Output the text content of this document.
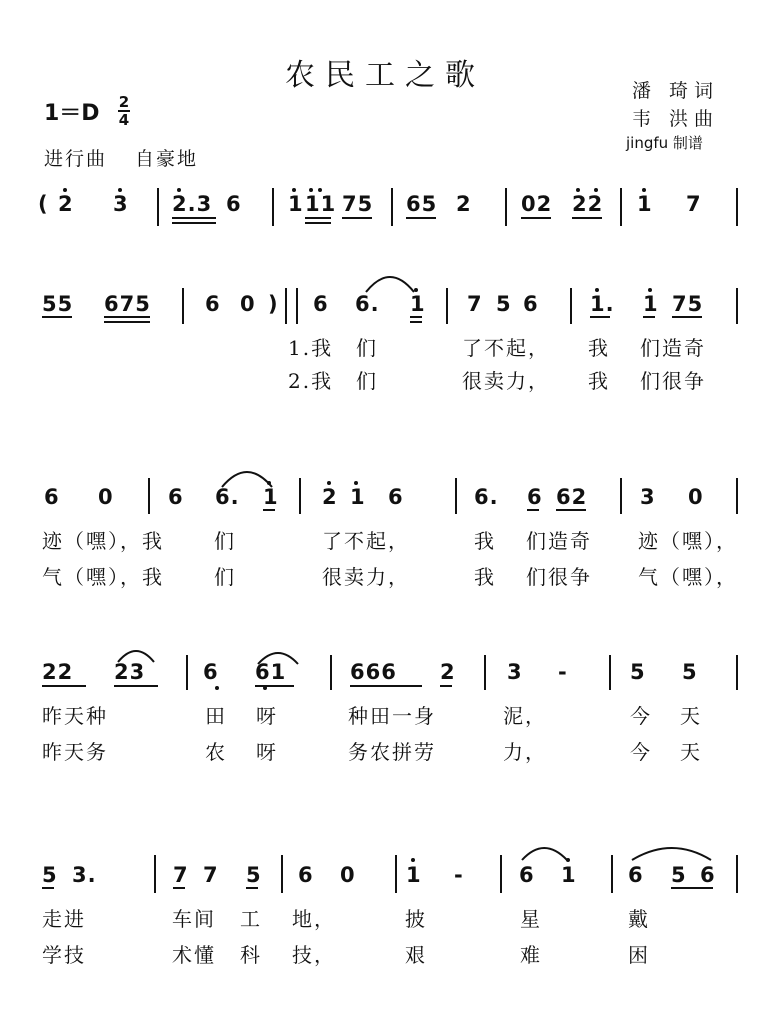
农民工之歌	潘 琦词
韦 洪曲
jingfu 制谱
1＝D 2
4
进行曲 自豪地
( 2 3 2.3 6 1 11 75 65 2 02 22 1 7
55 675	6 0 ) 6 6. 1 7 5 6 1. 1 75
1.我 们	了不起， 我 们造奇
2.我 们	很卖力， 我 们很争
6 0	6 6. 1 2 1 6	6. 6 62	3 0
迹（嘿），我	们	了不起，	我 们造奇 迹（嘿），
气（嘿），我	们	很卖力，	我 们很争 气（嘿），
22 23	6 61	666 2 3 -	5 5
昨天种	田 呀	种田一身	泥，	今 天
昨天务	农 呀	务农拼劳	力，	今 天
5 3.	7 7 5 6 0 1 -	6 1 6 5 6
走进	车间 工 地，	披	星	戴
学技	术懂 科 技，	艰	难	困
